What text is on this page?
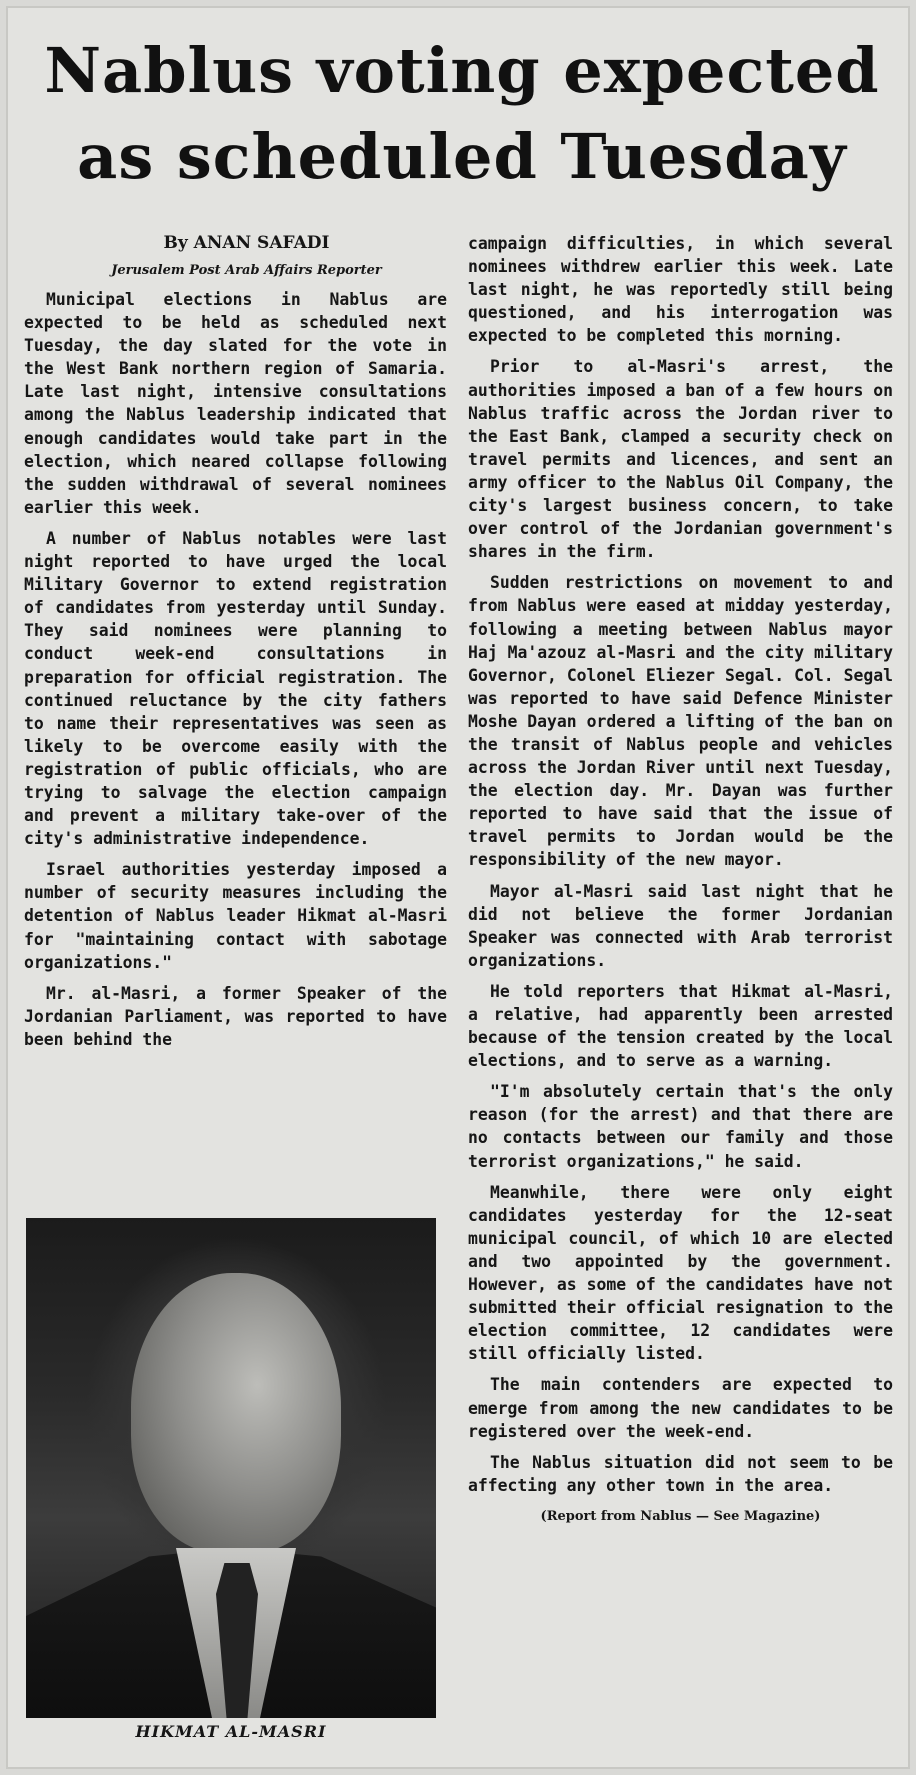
Nablus voting expected as scheduled Tuesday

By ANAN SAFADI

Jerusalem Post Arab Affairs Reporter

Municipal elections in Nablus are expected to be held as scheduled next Tuesday, the day slated for the vote in the West Bank northern region of Samaria. Late last night, intensive consultations among the Nablus leadership indicated that enough candidates would take part in the election, which neared collapse following the sudden withdrawal of several nominees earlier this week.

A number of Nablus notables were last night reported to have urged the local Military Governor to extend registration of candidates from yesterday until Sunday. They said nominees were planning to conduct week-end consultations in preparation for official registration. The continued reluctance by the city fathers to name their representatives was seen as likely to be overcome easily with the registration of public officials, who are trying to salvage the election campaign and prevent a military take-over of the city's administrative independence.

Israel authorities yesterday imposed a number of security measures including the detention of Nablus leader Hikmat al-Masri for "maintaining contact with sabotage organizations."

Mr. al-Masri, a former Speaker of the Jordanian Parliament, was reported to have been behind the

campaign difficulties, in which several nominees withdrew earlier this week. Late last night, he was reportedly still being questioned, and his interrogation was expected to be completed this morning.

Prior to al-Masri's arrest, the authorities imposed a ban of a few hours on Nablus traffic across the Jordan river to the East Bank, clamped a security check on travel permits and licences, and sent an army officer to the Nablus Oil Company, the city's largest business concern, to take over control of the Jordanian government's shares in the firm.

Sudden restrictions on movement to and from Nablus were eased at midday yesterday, following a meeting between Nablus mayor Haj Ma'azouz al-Masri and the city military Governor, Colonel Eliezer Segal. Col. Segal was reported to have said Defence Minister Moshe Dayan ordered a lifting of the ban on the transit of Nablus people and vehicles across the Jordan River until next Tuesday, the election day. Mr. Dayan was further reported to have said that the issue of travel permits to Jordan would be the responsibility of the new mayor.

Mayor al-Masri said last night that he did not believe the former Jordanian Speaker was connected with Arab terrorist organizations.

He told reporters that Hikmat al-Masri, a relative, had apparently been arrested because of the tension created by the local elections, and to serve as a warning.

"I'm absolutely certain that's the only reason (for the arrest) and that there are no contacts between our family and those terrorist organizations," he said.

Meanwhile, there were only eight candidates yesterday for the 12-seat municipal council, of which 10 are elected and two appointed by the government. However, as some of the candidates have not submitted their official resignation to the election committee, 12 candidates were still officially listed.

The main contenders are expected to emerge from among the new candidates to be registered over the week-end.

The Nablus situation did not seem to be affecting any other town in the area.

(Report from Nablus — See Magazine)

HIKMAT AL-MASRI
